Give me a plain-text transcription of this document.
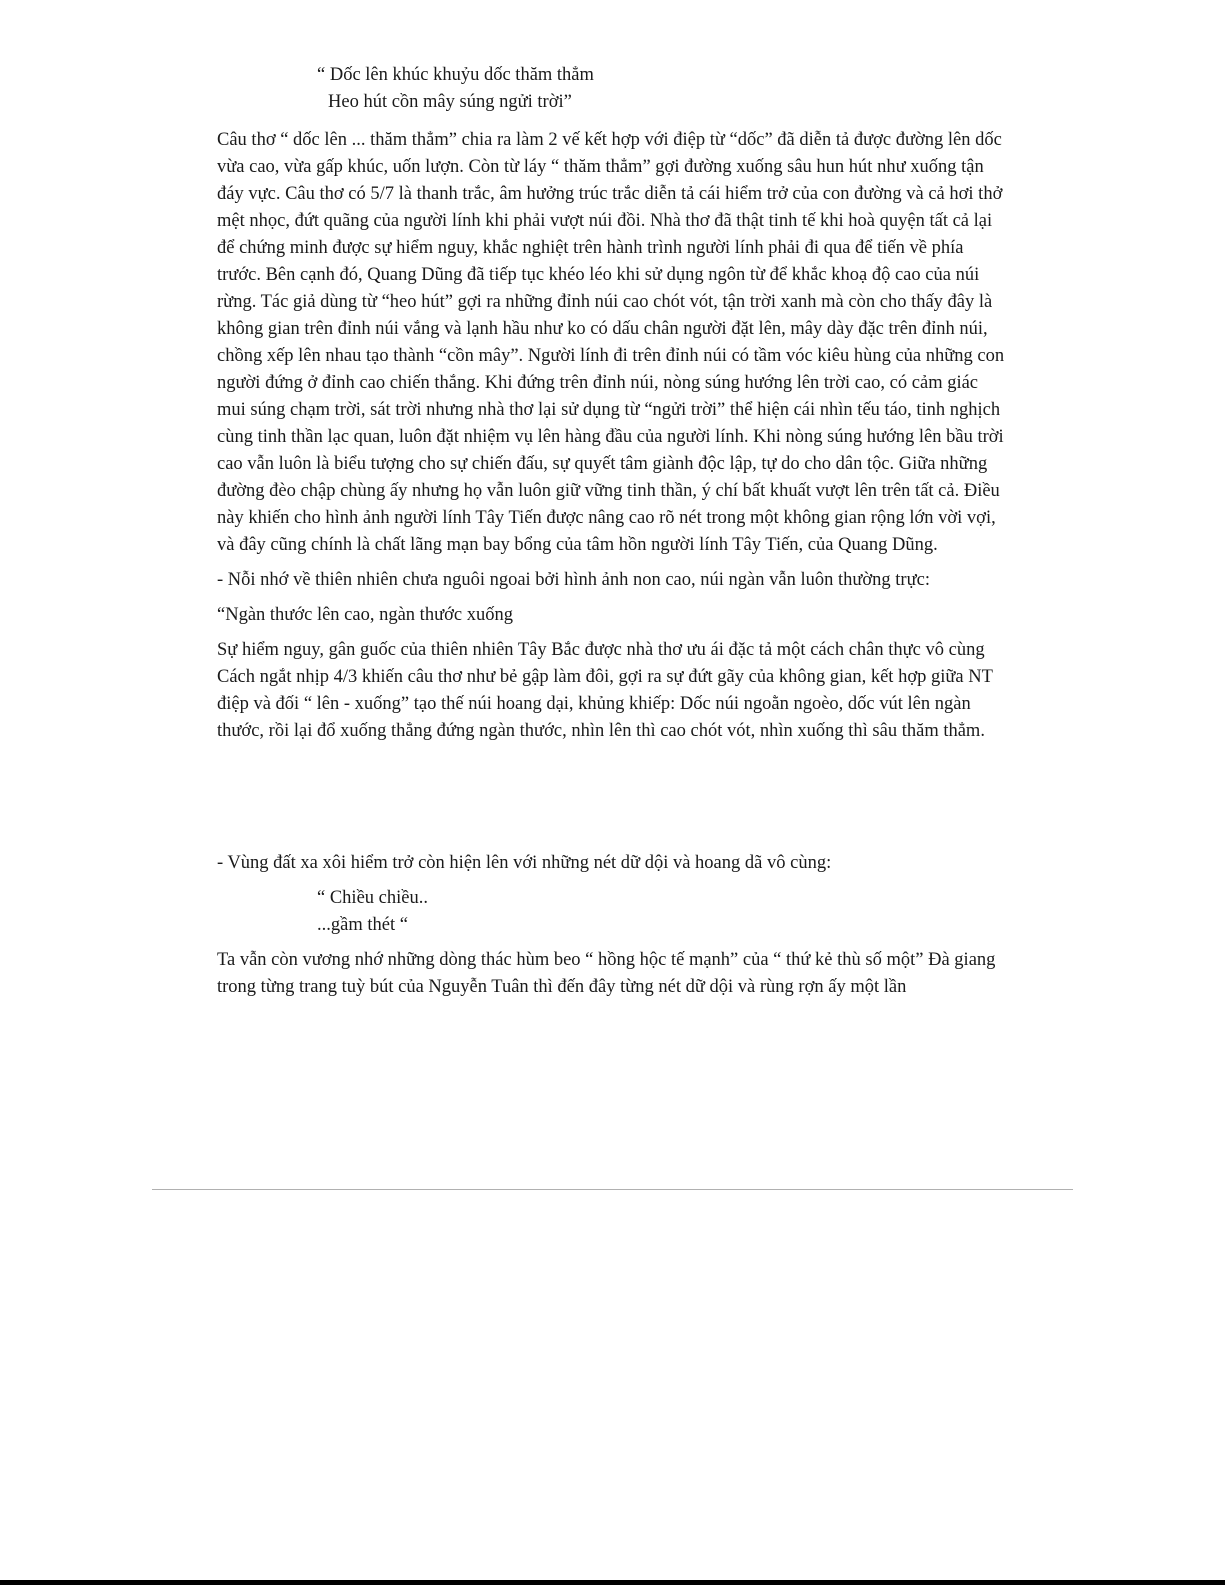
“ Dốc lên khúc khuỷu dốc thăm thẳm

Heo hút cồn mây súng ngửi trời”

Câu thơ “ dốc lên ... thăm thẳm” chia ra làm 2 vế kết hợp với điệp từ “dốc” đã diễn tả được đường lên dốc vừa cao, vừa gấp khúc, uốn lượn. Còn từ láy “ thăm thẳm” gợi đường xuống sâu hun hút như xuống tận đáy vực. Câu thơ có 5/7 là thanh trắc, âm hưởng trúc trắc diễn tả cái hiểm trở của con đường và cả hơi thở mệt nhọc, đứt quãng của người lính khi phải vượt núi đồi. Nhà thơ đã thật tinh tế khi hoà quyện tất cả lại để chứng minh được sự hiểm nguy, khắc nghiệt trên hành trình người lính phải đi qua để tiến về phía trước. Bên cạnh đó, Quang Dũng đã tiếp tục khéo léo khi sử dụng ngôn từ để khắc khoạ độ cao của núi rừng. Tác giả dùng từ “heo hút” gợi ra những đỉnh núi cao chót vót, tận trời xanh mà còn cho thấy đây là không gian trên đỉnh núi vắng và lạnh hầu như ko có dấu chân người đặt lên, mây dày đặc trên đỉnh núi, chồng xếp lên nhau tạo thành “cồn mây”. Người lính đi trên đỉnh núi có tầm vóc kiêu hùng của những con người đứng ở đỉnh cao chiến thắng. Khi đứng trên đỉnh núi, nòng súng hướng lên trời cao, có cảm giác mui súng chạm trời, sát trời nhưng nhà thơ lại sử dụng từ “ngửi trời” thể hiện cái nhìn tếu táo, tinh nghịch cùng tinh thần lạc quan, luôn đặt nhiệm vụ lên hàng đầu của người lính. Khi nòng súng hướng lên bầu trời cao vẫn luôn là biểu tượng cho sự chiến đấu, sự quyết tâm giành độc lập, tự do cho dân tộc. Giữa những đường đèo chập chùng ấy nhưng họ vẫn luôn giữ vững tinh thần, ý chí bất khuất vượt lên trên tất cả. Điều này khiến cho hình ảnh người lính Tây Tiến được nâng cao rõ nét trong một không gian rộng lớn vời vợi, và đây cũng chính là chất lãng mạn bay bổng của tâm hồn người lính Tây Tiến, của Quang Dũng.

- Nỗi nhớ về thiên nhiên chưa nguôi ngoai bởi hình ảnh non cao, núi ngàn vẫn luôn thường trực:

“Ngàn thước lên cao, ngàn thước xuống

Sự hiểm nguy, gân guốc của thiên nhiên Tây Bắc được nhà thơ ưu ái đặc tả một cách chân thực vô cùng Cách ngắt nhịp 4/3 khiến câu thơ như bẻ gập làm đôi, gợi ra sự đứt gãy của không gian, kết hợp giữa NT điệp và đối “ lên - xuống” tạo thế núi hoang dại, khủng khiếp: Dốc núi ngoằn ngoèo, dốc vút lên ngàn thước, rồi lại đổ xuống thẳng đứng ngàn thước, nhìn lên thì cao chót vót, nhìn xuống thì sâu thăm thẳm.

- Vùng đất xa xôi hiểm trở còn hiện lên với những nét dữ dội và hoang dã vô cùng:

“ Chiều chiều..

...gầm thét “

Ta vẫn còn vương nhớ những dòng thác hùm beo “ hồng hộc tế mạnh” của “ thứ kẻ thù số một” Đà giang trong từng trang tuỳ bút của Nguyễn Tuân thì đến đây từng nét dữ dội và rùng rợn ấy một lần
